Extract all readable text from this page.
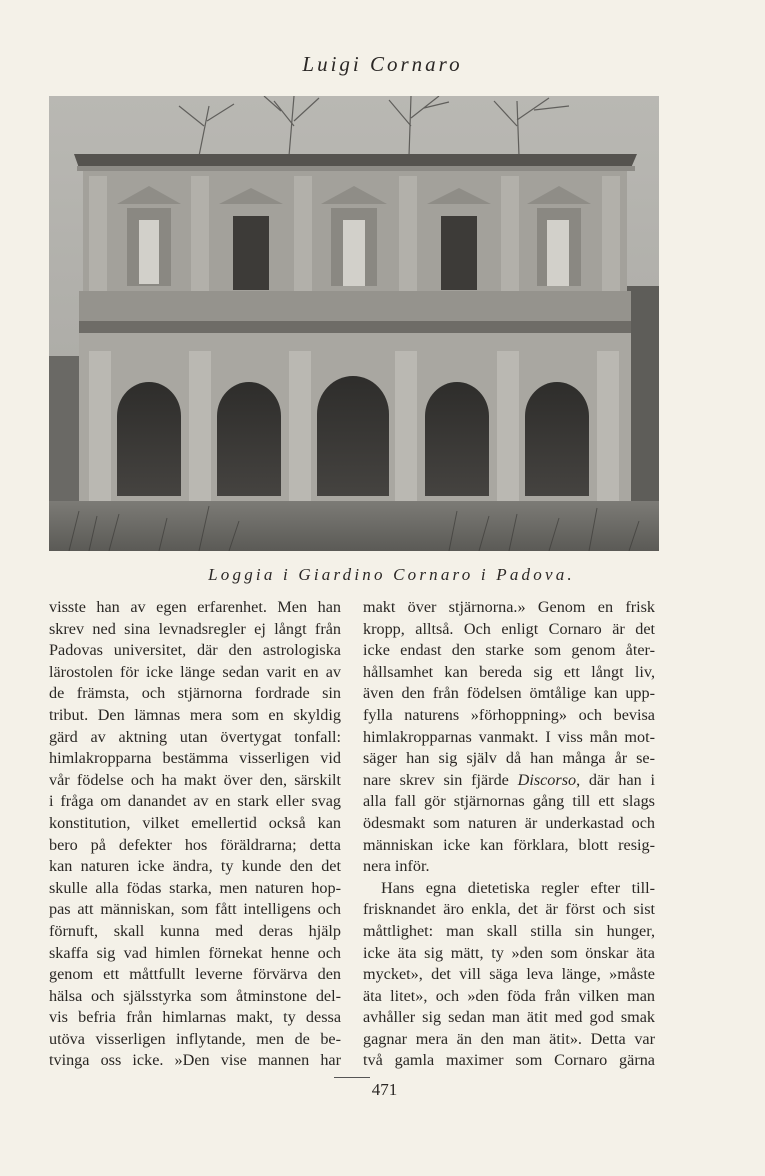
Luigi Cornaro
Loggia i Giardino Cornaro i Padova.
visste han av egen erfarenhet. Men han
skrev ned sina levnadsregler ej långt från
Padovas universitet, där den astrologiska
lärostolen för icke länge sedan varit en av
de främsta, och stjärnorna fordrade sin
tribut. Den lämnas mera som en skyldig
gärd av aktning utan övertygat tonfall:
himlakropparna bestämma visserligen vid
vår födelse och ha makt över den, särskilt
i fråga om danandet av en stark eller svag
konstitution, vilket emellertid också kan
bero på defekter hos föräldrarna; detta
kan naturen icke ändra, ty kunde den det
skulle alla födas starka, men naturen hop-
pas att människan, som fått intelligens och
förnuft, skall kunna med deras hjälp
skaffa sig vad himlen förnekat henne och
genom ett måttfullt leverne förvärva den
hälsa och själsstyrka som åtminstone del-
vis befria från himlarnas makt, ty dessa
utöva visserligen inflytande, men de be-
tvinga oss icke. »Den vise mannen har
makt över stjärnorna.» Genom en frisk
kropp, alltså. Och enligt Cornaro är det
icke endast den starke som genom åter-
hållsamhet kan bereda sig ett långt liv,
även den från födelsen ömtålige kan upp-
fylla naturens »förhoppning» och bevisa
himlakropparnas vanmakt. I viss mån mot-
säger han sig själv då han många år se-
nare skrev sin fjärde Discorso, där han i
alla fall gör stjärnornas gång till ett slags
ödesmakt som naturen är underkastad och
människan icke kan förklara, blott resig-
nera inför.
Hans egna dietetiska regler efter till-
frisknandet äro enkla, det är först och sist
måttlighet: man skall stilla sin hunger,
icke äta sig mätt, ty »den som önskar äta
mycket», det vill säga leva länge, »måste
äta litet», och »den föda från vilken man
avhåller sig sedan man ätit med god smak
gagnar mera än den man ätit». Detta var
två gamla maximer som Cornaro gärna
471
